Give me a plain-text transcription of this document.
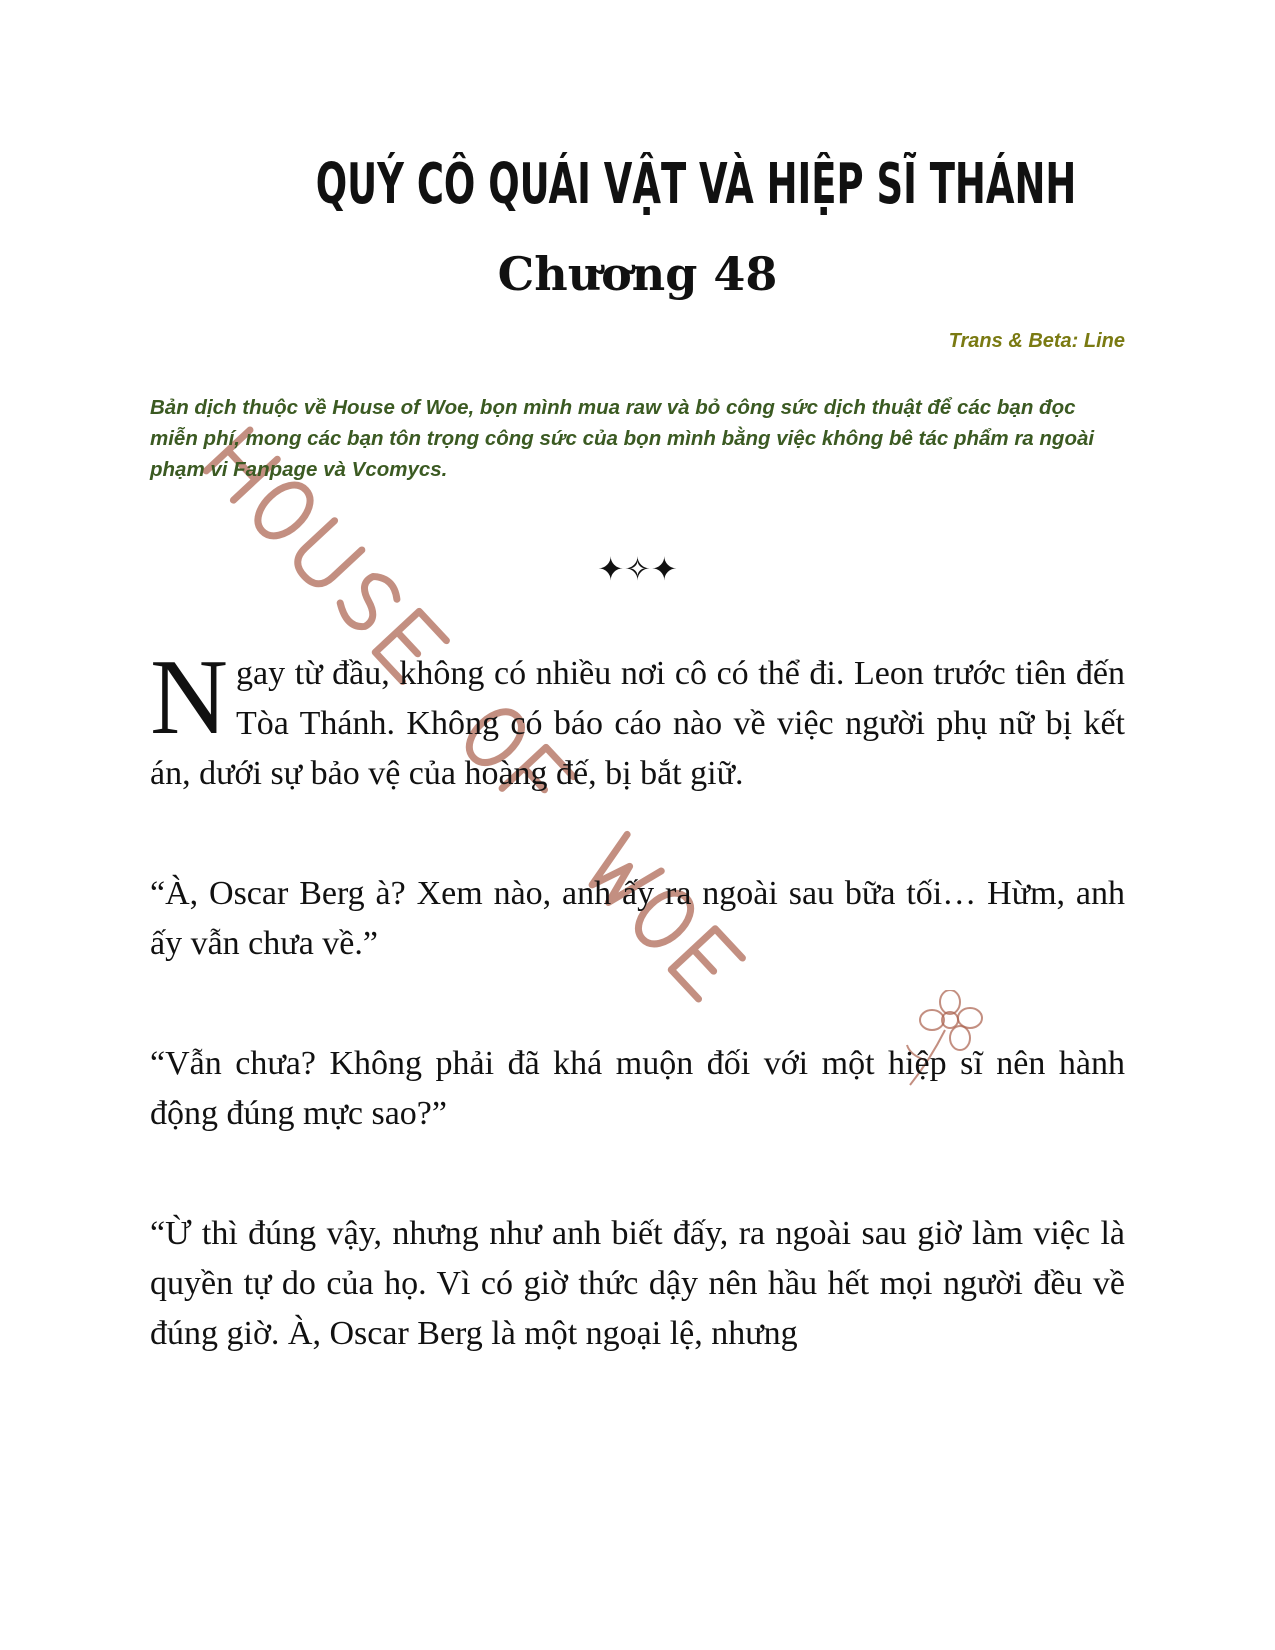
QUÝ CÔ QUÁI VẬT VÀ HIỆP SĨ THÁNH
Chương 48
Trans & Beta: Line
Bản dịch thuộc về House of Woe, bọn mình mua raw và bỏ công sức dịch thuật để các bạn đọc miễn phí, mong các bạn tôn trọng công sức của bọn mình bằng việc không bê tác phẩm ra ngoài phạm vi Fanpage và Vcomycs.
✦✧✦
Ngay từ đầu, không có nhiều nơi cô có thể đi. Leon trước tiên đến Tòa Thánh. Không có báo cáo nào về việc người phụ nữ bị kết án, dưới sự bảo vệ của hoàng đế, bị bắt giữ.
“À, Oscar Berg à? Xem nào, anh ấy ra ngoài sau bữa tối… Hừm, anh ấy vẫn chưa về.”
“Vẫn chưa? Không phải đã khá muộn đối với một hiệp sĩ nên hành động đúng mực sao?”
“Ừ thì đúng vậy, nhưng như anh biết đấy, ra ngoài sau giờ làm việc là quyền tự do của họ. Vì có giờ thức dậy nên hầu hết mọi người đều về đúng giờ. À, Oscar Berg là một ngoại lệ, nhưng
